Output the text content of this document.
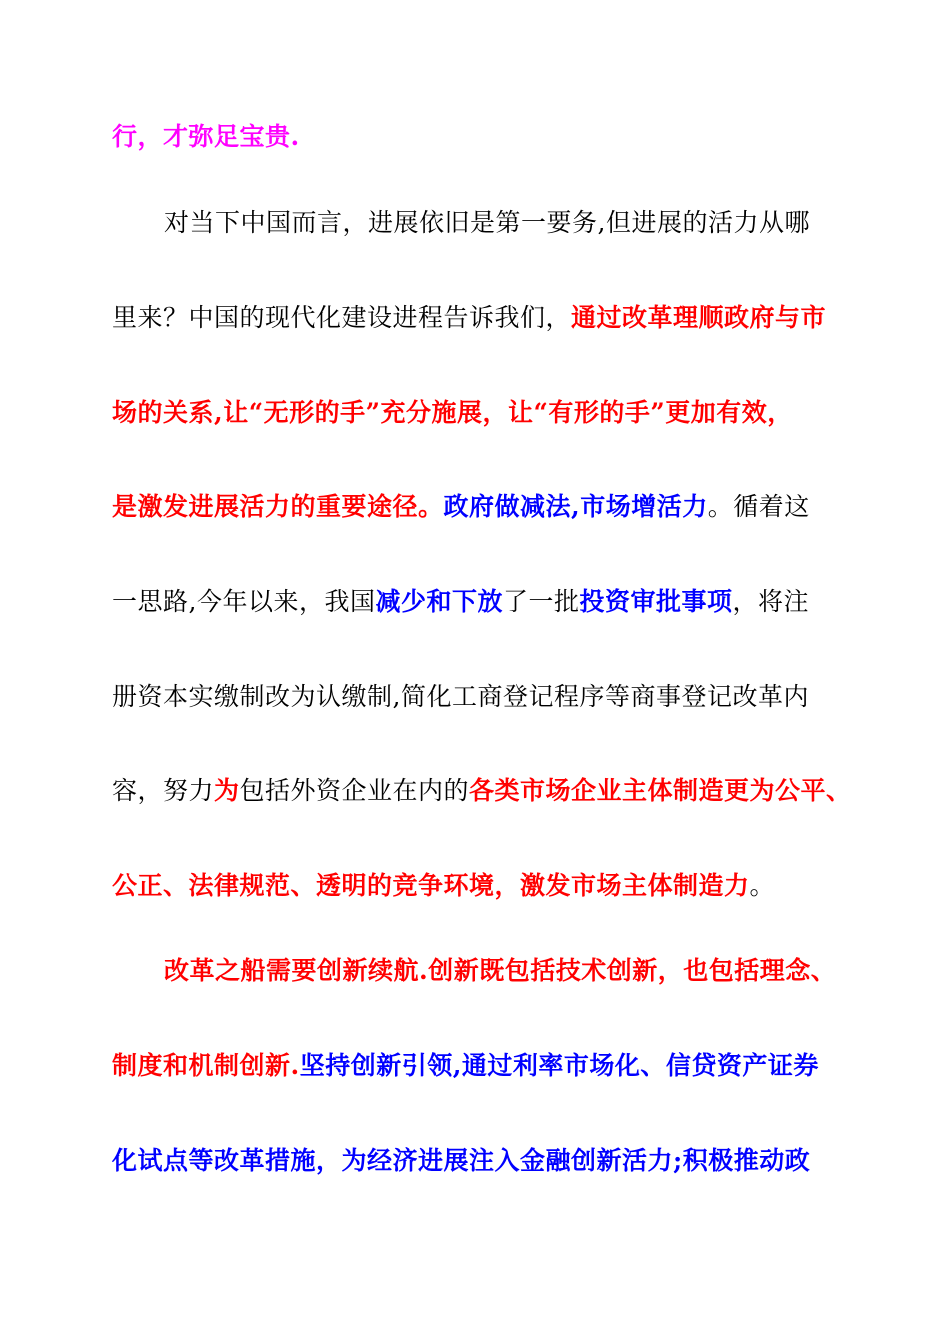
行，才弥足宝贵.
对当下中国而言，进展依旧是第一要务,但进展的活力从哪
里来？中国的现代化建设进程告诉我们，通过改革理顺政府与市
场的关系,让“无形的手”充分施展，让“有形的手”更加有效，
是激发进展活力的重要途径。政府做减法,市场增活力。循着这
一思路,今年以来，我国减少和下放了一批投资审批事项，将注
册资本实缴制改为认缴制,简化工商登记程序等商事登记改革内
容，努力为包括外资企业在内的各类市场企业主体制造更为公平、
公正、法律规范、透明的竞争环境，激发市场主体制造力。
改革之船需要创新续航.创新既包括技术创新，也包括理念、
制度和机制创新.坚持创新引领,通过利率市场化、信贷资产证券
化试点等改革措施，为经济进展注入金融创新活力;积极推动政
